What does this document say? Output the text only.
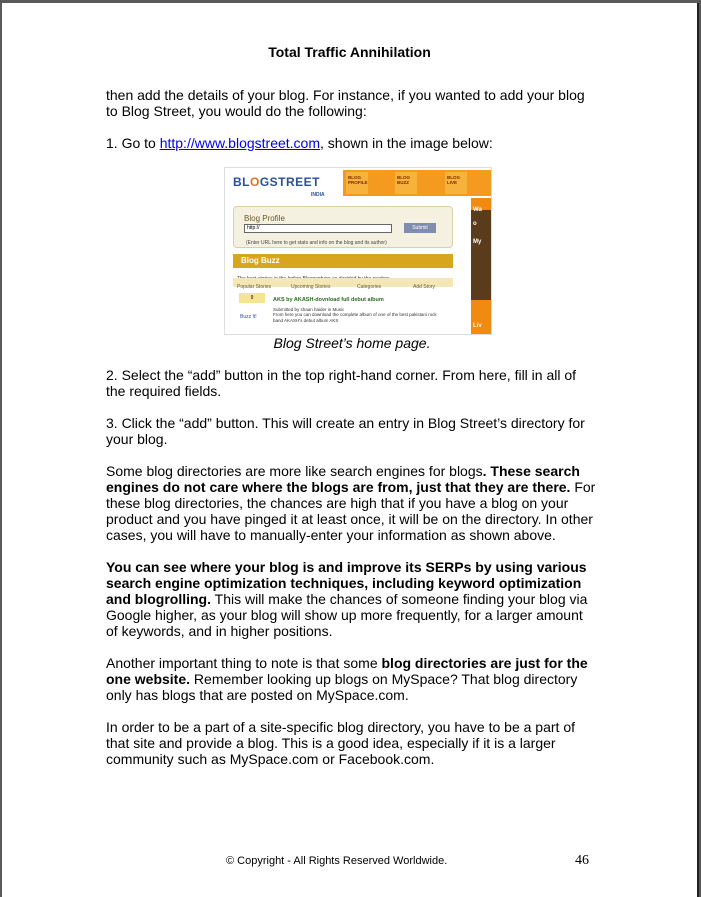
Total Traffic Annihilation

then add the details of your blog. For instance, if you wanted to add your blog to Blog Street, you would do the following:

1. Go to http://www.blogstreet.com, shown in the image below:

BLOGSTREET
INDIA
BLOG PROFILE
BLOG BUZZ
BLOG LIVE
Blog Profile
http://	Submit
(Enter URL here to get stats and info on the blog and its author)
Blog Buzz
Popular Stories	Upcoming Stories	Categories	Add Story
9	AKS by AKASH-dovnload full debut album
Submitted by shaan haider in Music
Buzz It!	From here you can download the complete album of one of the best pakistani rock band AKASH's debut album AKS
Wa
o
My
Liv

Blog Street’s home page.

2. Select the “add” button in the top right-hand corner. From here, fill in all of the required fields.

3. Click the “add” button. This will create an entry in Blog Street’s directory for your blog.

Some blog directories are more like search engines for blogs. These search engines do not care where the blogs are from, just that they are there. For these blog directories, the chances are high that if you have a blog on your product and you have pinged it at least once, it will be on the directory. In other cases, you will have to manually-enter your information as shown above.

You can see where your blog is and improve its SERPs by using various search engine optimization techniques, including keyword optimization and blogrolling. This will make the chances of someone finding your blog via Google higher, as your blog will show up more frequently, for a larger amount of keywords, and in higher positions.

Another important thing to note is that some blog directories are just for the one website. Remember looking up blogs on MySpace? That blog directory only has blogs that are posted on MySpace.com.

In order to be a part of a site-specific blog directory, you have to be a part of that site and provide a blog. This is a good idea, especially if it is a larger community such as MySpace.com or Facebook.com.

© Copyright - All Rights Reserved Worldwide.	46
